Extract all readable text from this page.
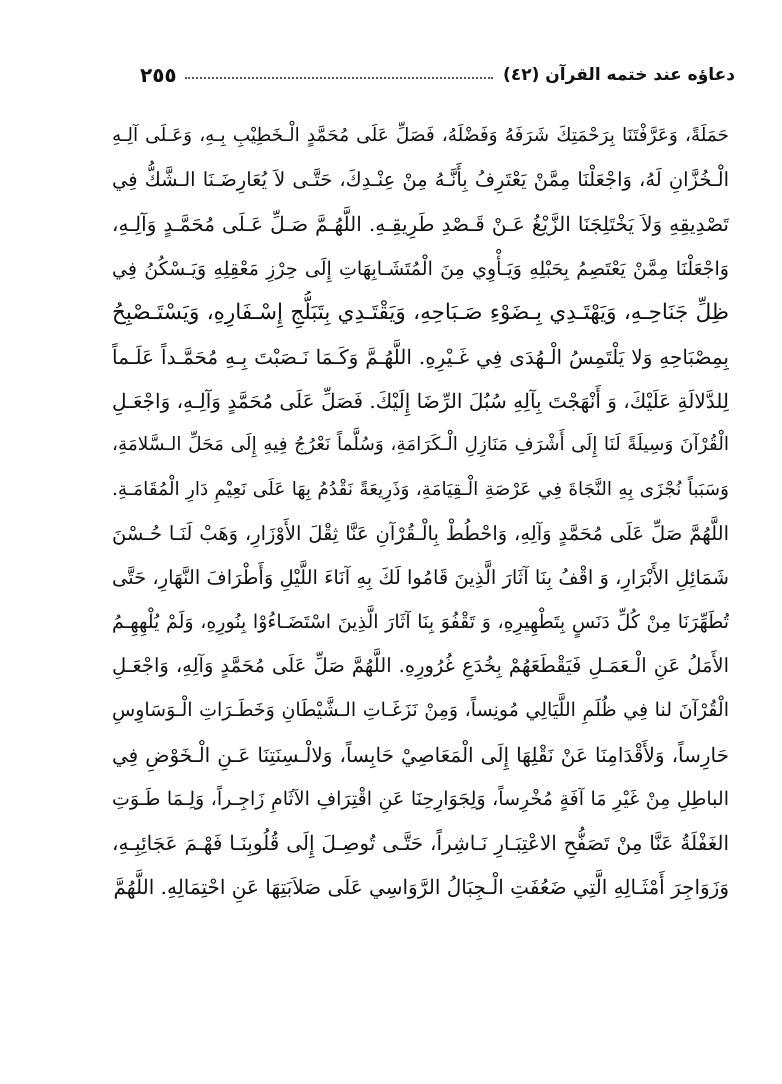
دعاؤه عند ختمه القرآن (٤٢)
٢٥٥
حَمَلَةً، وَعَرَّفْتَنَا بِرَحْمَتِكَ شَرَفَهُ وَفَضْلَهُ، فَصَلِّ عَلَى مُحَمَّدٍ الْـخَطِيْبِ بِـهِ، وَعَـلَى آلِـهِ
الْـخُزَّانِ لَهُ، وَاجْعَلْنَا مِمَّنْ يَعْتَرِفُ بِأَنَّـهُ مِنْ عِنْـدِكَ، حَتَّـى لاَ يُعَارِضَـنَا الـشَّكُّ فِي
تَصْدِيقِهِ وَلاَ يَخْتَلِجَنَا الزَّيْغُ عَـنْ قَـصْدِ طَرِيقِـهِ. اللَّهُـمَّ صَـلِّ عَـلَى مُحَمَّـدٍ وَآلِـهِ،
وَاجْعَلْنَا مِمَّنْ يَعْتَصِمُ بِحَبْلِهِ وَيَـأْوِي مِنَ الْمُتَشَـابِهَاتِ إِلَى حِرْزِ مَعْقِلِهِ وَيَـسْكُنُ فِي
ظِلِّ جَنَاحِـهِ، وَيَهْتَـدِي بِـضَوْءِ صَـبَاحِهِ، وَيَقْتَـدِي بِتَبَلُّجِ إِسْـفَارِهِ، وَيَسْتَـصْبِحُ
بِمِصْبَاحِهِ وَلا يَلْتَمِسُ الْـهُدَى فِي غَـيْرِهِ. اللَّهُـمَّ وَكَـمَا نَـصَبْتَ بِـهِ مُحَمَّـداً عَلَـماً
لِلدَّلالَةِ عَلَيْكَ، وَ أَنْهَجْتَ بِآلِهِ سُبُلَ الرِّضَا إِلَيْكَ. فَصَلِّ عَلَى مُحَمَّدٍ وَآلِـهِ، وَاجْعَـلِ
الْقُرْآنَ وَسِيلَةً لَنَا إِلَى أَشْرَفِ مَنَازِلِ الْـكَرَامَةِ، وَسُلَّماً نَعْرُجُ فِيهِ إِلَى مَحَلِّ الـسَّلامَةِ،
وَسَبَباً نُجْزَى بِهِ النَّجَاةَ فِي عَرْصَةِ الْـقِيَامَةِ، وَذَرِيعَةً نَقْدُمُ بِهَا عَلَى نَعِيْمِ دَارِ الْمُقَامَـةِ.
اللَّهُمَّ صَلِّ عَلَى مُحَمَّدٍ وَآلِهِ، وَاحْطُطْ بِالْـقُرْآنِ عَنَّا ثِقْلَ الأَوْزَارِ، وَهَبْ لَنَـا حُـسْنَ
شَمَائِلِ الأَبْرَارِ، وَ اقْفُ بِنَا آثَارَ الَّذِينَ قَامُوا لَكَ بِهِ آنَاءَ اللَّيْلِ وَأَطْرَافَ النَّهَارِ، حَتَّى
تُطَهِّرَنَا مِنْ كُلِّ دَنَسٍ بِتَطْهِيرِهِ، وَ تَقْفُوَ بِنَا آثَارَ الَّذِينَ اسْتَضَـاءُوْا بِنُورِهِ، وَلَمْ يُلْهِهِـمُ
الأَمَلُ عَنِ الْـعَمَـلِ فَيَقْطَعَهُمْ بِخُدَعِ غُرُورِهِ. اللَّهُمَّ صَلِّ عَلَى مُحَمَّدٍ وَآلِهِ، وَاجْعَـلِ
الْقُرْآنَ لنا فِي ظُلَمِ اللَّيَالِي مُونِساً، وَمِنْ نَزَغَـاتِ الـشَّيْطَانِ وَخَطَـرَاتِ الْـوَسَاوِسِ
حَارِساً، وَلأَقْدَامِنَا عَنْ نَقْلِهَا إِلَى الْمَعَاصِيْ حَابِساً، وَلالْـسِنَتِنَا عَـنِ الْـخَوْضِ فِي
الباطِلِ مِنْ غَيْرِ مَا آفَةٍ مُخْرِساً، وَلِجَوَارِحِنَا عَنِ اقْتِرَافِ الآثَامِ زَاجِـراً، وَلِـمَا طَـوَتِ
الغَفْلَةُ عَنَّا مِنْ تَصَفُّحِ الاعْتِبَـارِ نَـاشِراً، حَتَّـى تُوصِـلَ إِلَى قُلُوبِنَـا فَهْـمَ عَجَائِبِـهِ،
وَزَوَاجِرَ أَمْثَـالِهِ الَّتِي ضَعُفَتِ الْـجِبَالُ الرَّوَاسِي عَلَى صَلاَبَتِهَا عَنِ احْتِمَالِهِ. اللَّهُمَّ
